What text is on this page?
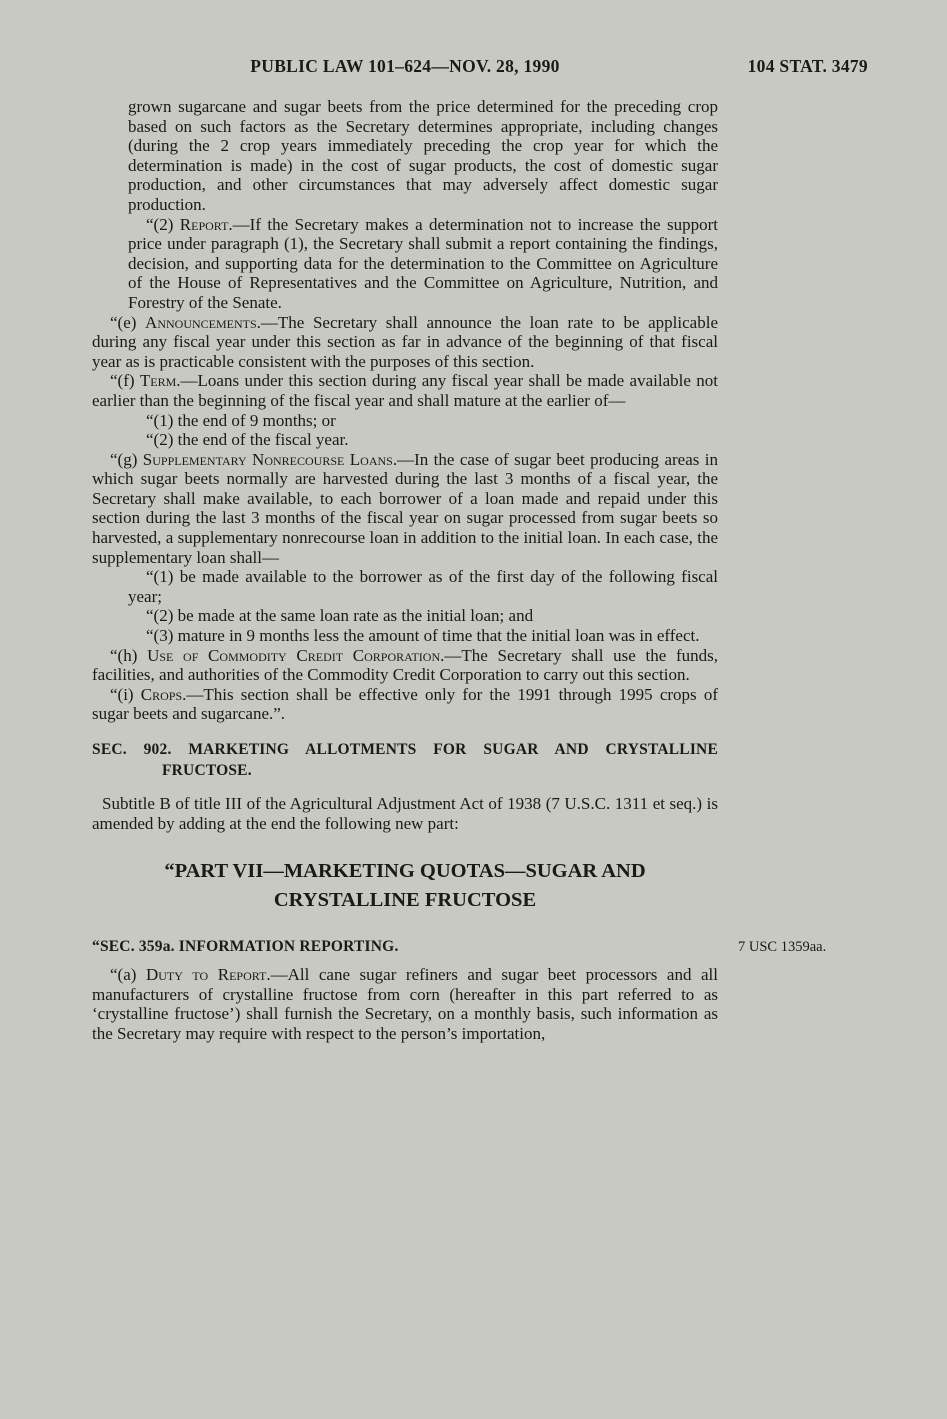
PUBLIC LAW 101–624—NOV. 28, 1990	104 STAT. 3479

grown sugarcane and sugar beets from the price determined for the preceding crop based on such factors as the Secretary determines appropriate, including changes (during the 2 crop years immediately preceding the crop year for which the determination is made) in the cost of sugar products, the cost of domestic sugar production, and other circumstances that may adversely affect domestic sugar production.

“(2) Report.—If the Secretary makes a determination not to increase the support price under paragraph (1), the Secretary shall submit a report containing the findings, decision, and supporting data for the determination to the Committee on Agriculture of the House of Representatives and the Committee on Agriculture, Nutrition, and Forestry of the Senate.

“(e) Announcements.—The Secretary shall announce the loan rate to be applicable during any fiscal year under this section as far in advance of the beginning of that fiscal year as is practicable consistent with the purposes of this section.

“(f) Term.—Loans under this section during any fiscal year shall be made available not earlier than the beginning of the fiscal year and shall mature at the earlier of—

“(1) the end of 9 months; or

“(2) the end of the fiscal year.

“(g) Supplementary Nonrecourse Loans.—In the case of sugar beet producing areas in which sugar beets normally are harvested during the last 3 months of a fiscal year, the Secretary shall make available, to each borrower of a loan made and repaid under this section during the last 3 months of the fiscal year on sugar processed from sugar beets so harvested, a supplementary nonrecourse loan in addition to the initial loan. In each case, the supplementary loan shall—

“(1) be made available to the borrower as of the first day of the following fiscal year;

“(2) be made at the same loan rate as the initial loan; and

“(3) mature in 9 months less the amount of time that the initial loan was in effect.

“(h) Use of Commodity Credit Corporation.—The Secretary shall use the funds, facilities, and authorities of the Commodity Credit Corporation to carry out this section.

“(i) Crops.—This section shall be effective only for the 1991 through 1995 crops of sugar beets and sugarcane.”.

SEC. 902. MARKETING ALLOTMENTS FOR SUGAR AND CRYSTALLINE
FRUCTOSE.

Subtitle B of title III of the Agricultural Adjustment Act of 1938 (7 U.S.C. 1311 et seq.) is amended by adding at the end the following new part:

“PART VII—MARKETING QUOTAS—SUGAR AND
CRYSTALLINE FRUCTOSE
“SEC. 359a. INFORMATION REPORTING.	7 USC 1359aa.

“(a) Duty to Report.—All cane sugar refiners and sugar beet processors and all manufacturers of crystalline fructose from corn (hereafter in this part referred to as ‘crystalline fructose’) shall furnish the Secretary, on a monthly basis, such information as the Secretary may require with respect to the person’s importation,
